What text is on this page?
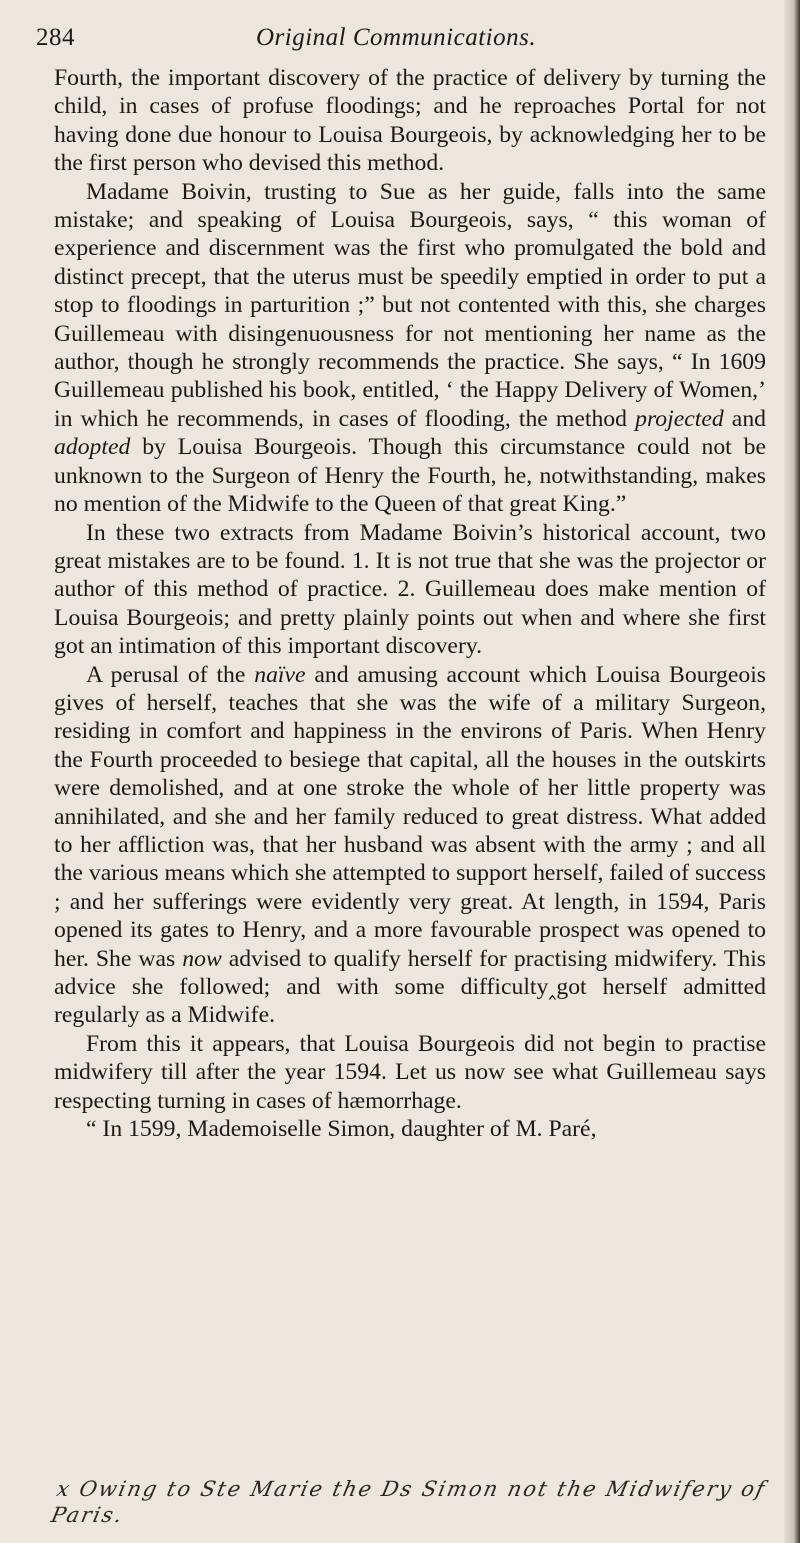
284	Original Communications.

Fourth, the important discovery of the practice of delivery by turning the child, in cases of profuse floodings; and he reproaches Portal for not having done due honour to Louisa Bourgeois, by acknowledging her to be the first person who devised this method.

Madame Boivin, trusting to Sue as her guide, falls into the same mistake; and speaking of Louisa Bourgeois, says, “ this woman of experience and discernment was the first who promulgated the bold and distinct precept, that the uterus must be speedily emptied in order to put a stop to floodings in parturition ;” but not contented with this, she charges Guillemeau with disingenuousness for not mentioning her name as the author, though he strongly recommends the practice. She says, “ In 1609 Guillemeau published his book, entitled, ‘ the Happy Delivery of Women,’ in which he recommends, in cases of flooding, the method projected and adopted by Louisa Bourgeois. Though this circumstance could not be unknown to the Surgeon of Henry the Fourth, he, notwithstanding, makes no mention of the Midwife to the Queen of that great King.”

In these two extracts from Madame Boivin’s historical account, two great mistakes are to be found. 1. It is not true that she was the projector or author of this method of practice. 2. Guillemeau does make mention of Louisa Bourgeois; and pretty plainly points out when and where she first got an intimation of this important discovery.

A perusal of the naïve and amusing account which Louisa Bourgeois gives of herself, teaches that she was the wife of a military Surgeon, residing in comfort and happiness in the environs of Paris. When Henry the Fourth proceeded to besiege that capital, all the houses in the outskirts were demolished, and at one stroke the whole of her little property was annihilated, and she and her family reduced to great distress. What added to her affliction was, that her husband was absent with the army ; and all the various means which she attempted to support herself, failed of success ; and her sufferings were evidently very great. At length, in 1594, Paris opened its gates to Henry, and a more favourable prospect was opened to her. She was now advised to qualify herself for practising midwifery. This advice she followed; and with some difficulty‸got herself admitted regularly as a Midwife.

From this it appears, that Louisa Bourgeois did not begin to practise midwifery till after the year 1594. Let us now see what Guillemeau says respecting turning in cases of hæmorrhage.

“ In 1599, Mademoiselle Simon, daughter of M. Paré,

x Owing to Ste Marie the Ds Simon not the Midwifery of Paris.
